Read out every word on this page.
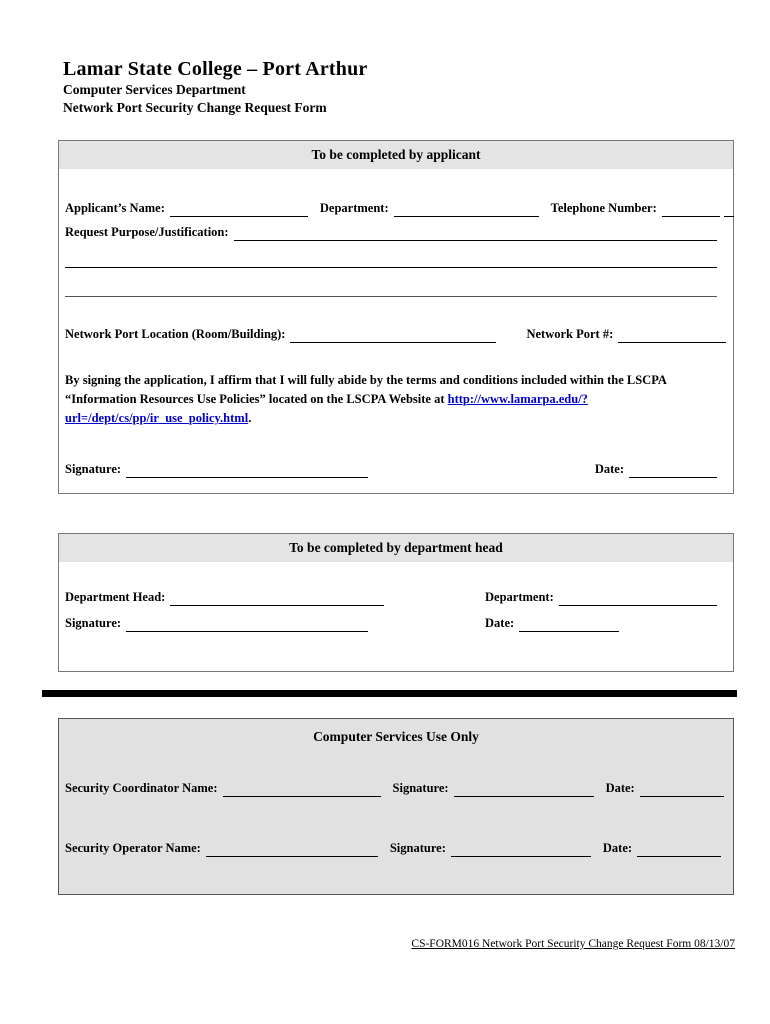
Lamar State College – Port Arthur
Computer Services Department
Network Port Security Change Request Form
To be completed by applicant
Applicant’s Name:	Department:	Telephone Number:
Request Purpose/Justification:
Network Port Location (Room/Building):	Network Port #:
By signing the application, I affirm that I will fully abide by the terms and conditions included within the LSCPA “Information Resources Use Policies” located on the LSCPA Website at http://www.lamarpa.edu/?url=/dept/cs/pp/ir_use_policy.html.
Signature:	Date:
To be completed by department head
Department Head:	Department:
Signature:	Date:
Computer Services Use Only
Security Coordinator Name:	Signature:	Date:
Security Operator Name:	Signature:	Date:
CS-FORM016 Network Port Security Change Request Form 08/13/07
